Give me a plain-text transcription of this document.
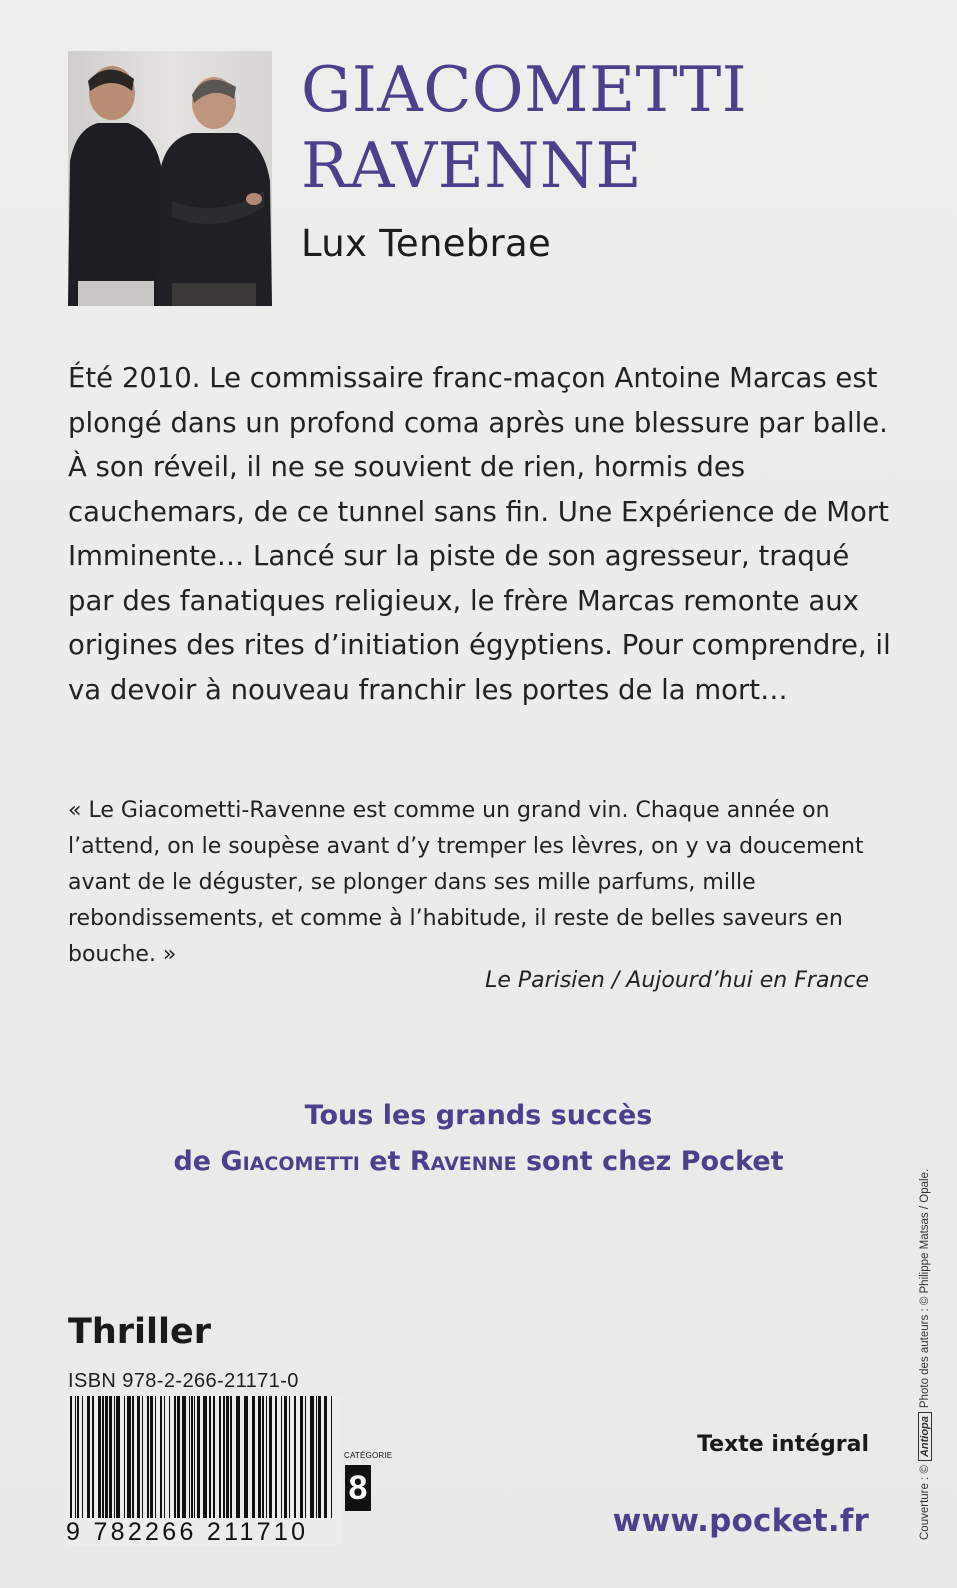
GIACOMETTI
RAVENNE
Lux Tenebrae

Été 2010. Le commissaire franc-maçon Antoine Marcas est plongé dans un profond coma après une blessure par balle. À son réveil, il ne se souvient de rien, hormis des cauchemars, de ce tunnel sans fin. Une Expérience de Mort Imminente… Lancé sur la piste de son agresseur, traqué par des fanatiques religieux, le frère Marcas remonte aux origines des rites d’initiation égyptiens. Pour comprendre, il va devoir à nouveau franchir les portes de la mort…

« Le Giacometti-Ravenne est comme un grand vin. Chaque année on l’attend, on le soupèse avant d’y tremper les lèvres, on y va doucement avant de le déguster, se plonger dans ses mille parfums, mille rebondissements, et comme à l’habitude, il reste de belles saveurs en bouche. »

Le Parisien / Aujourd’hui en France

Tous les grands succès
de Giacometti et Ravenne sont chez Pocket

Thriller

ISBN 978-2-266-21171-0

9 782266 211710

CATÉGORIE

8

Texte intégral

www.pocket.fr	Couverture : ©AntiopaPhoto des auteurs : © Philippe Matsas / Opale.
